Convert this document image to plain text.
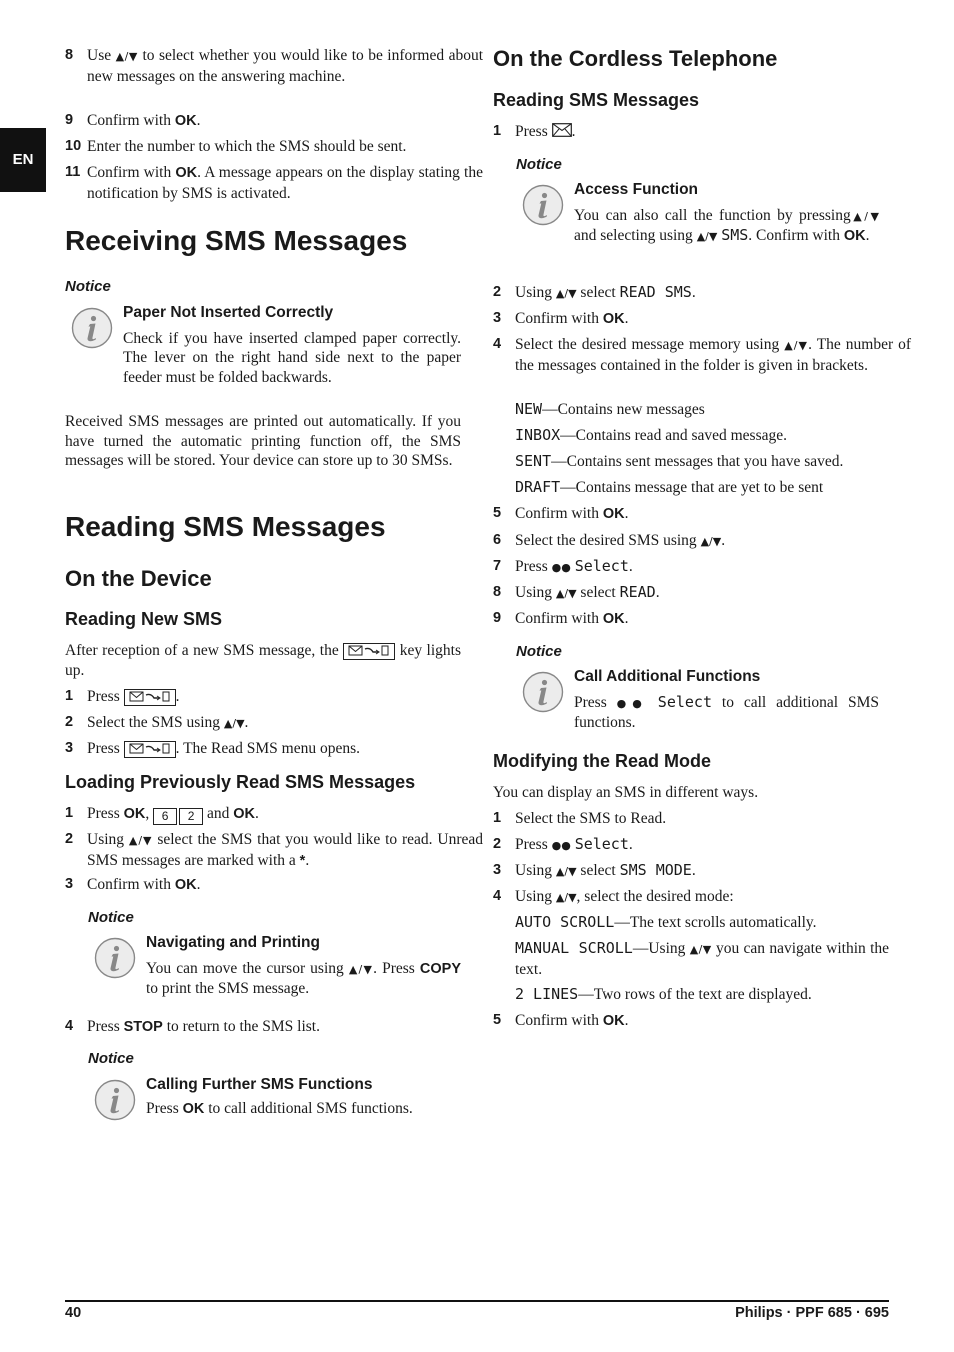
EN
8 Use ▲/▼ to select whether you would like to be informed about new messages on the answering machine.
9 Confirm with OK.
10 Enter the number to which the SMS should be sent.
11 Confirm with OK. A message appears on the display stating the notification by SMS is activated.
Receiving SMS Messages
Notice
Paper Not Inserted Correctly
Check if you have inserted clamped paper correctly. The lever on the right hand side next to the paper feeder must be folded backwards.
Received SMS messages are printed out automatically. If you have turned the automatic printing function off, the SMS messages will be stored. Your device can store up to 30 SMSs.
Reading SMS Messages
On the Device
Reading New SMS
After reception of a new SMS message, the	key lights up.
1 Press	.
2 Select the SMS using ▲/▼.
3 Press	. The Read SMS menu opens.
Loading Previously Read SMS Messages
1 Press OK,	6	2 and OK.
2 Using ▲/▼ select the SMS that you would like to read. Unread SMS messages are marked with a *.
3 Confirm with OK.
Notice
Navigating and Printing
You can move the cursor using ▲/▼. Press COPY to print the SMS message.
4 Press STOP to return to the SMS list.
Notice
Calling Further SMS Functions
Press OK to call additional SMS functions.
On the Cordless Telephone
Reading SMS Messages
1 Press .
Notice
Access Function
You can also call the function by pressing▲/▼ and selecting using ▲/▼ SMS. Confirm with OK.
2 Using ▲/▼ select READ SMS.
3 Confirm with OK.
4 Select the desired message memory using ▲/▼. The number of the messages contained in the folder is given in brackets.
NEW—Contains new messages
INBOX—Contains read and saved message.
SENT—Contains sent messages that you have saved.
DRAFT—Contains message that are yet to be sent
5 Confirm with OK.
6 Select the desired SMS using ▲/▼.
7 Press ●● Select.
8 Using ▲/▼ select READ.
9 Confirm with OK.
Notice
Call Additional Functions
Press ●● Select to call additional SMS functions.
Modifying the Read Mode
You can display an SMS in different ways.
1 Select the SMS to Read.
2 Press ●● Select.
3 Using ▲/▼ select SMS MODE.
4 Using ▲/▼, select the desired mode:
AUTO SCROLL—The text scrolls automatically.
MANUAL SCROLL—Using ▲/▼ you can navigate within the text.
2 LINES—Two rows of the text are displayed.
5 Confirm with OK.
40	Philips · PPF 685 · 695
